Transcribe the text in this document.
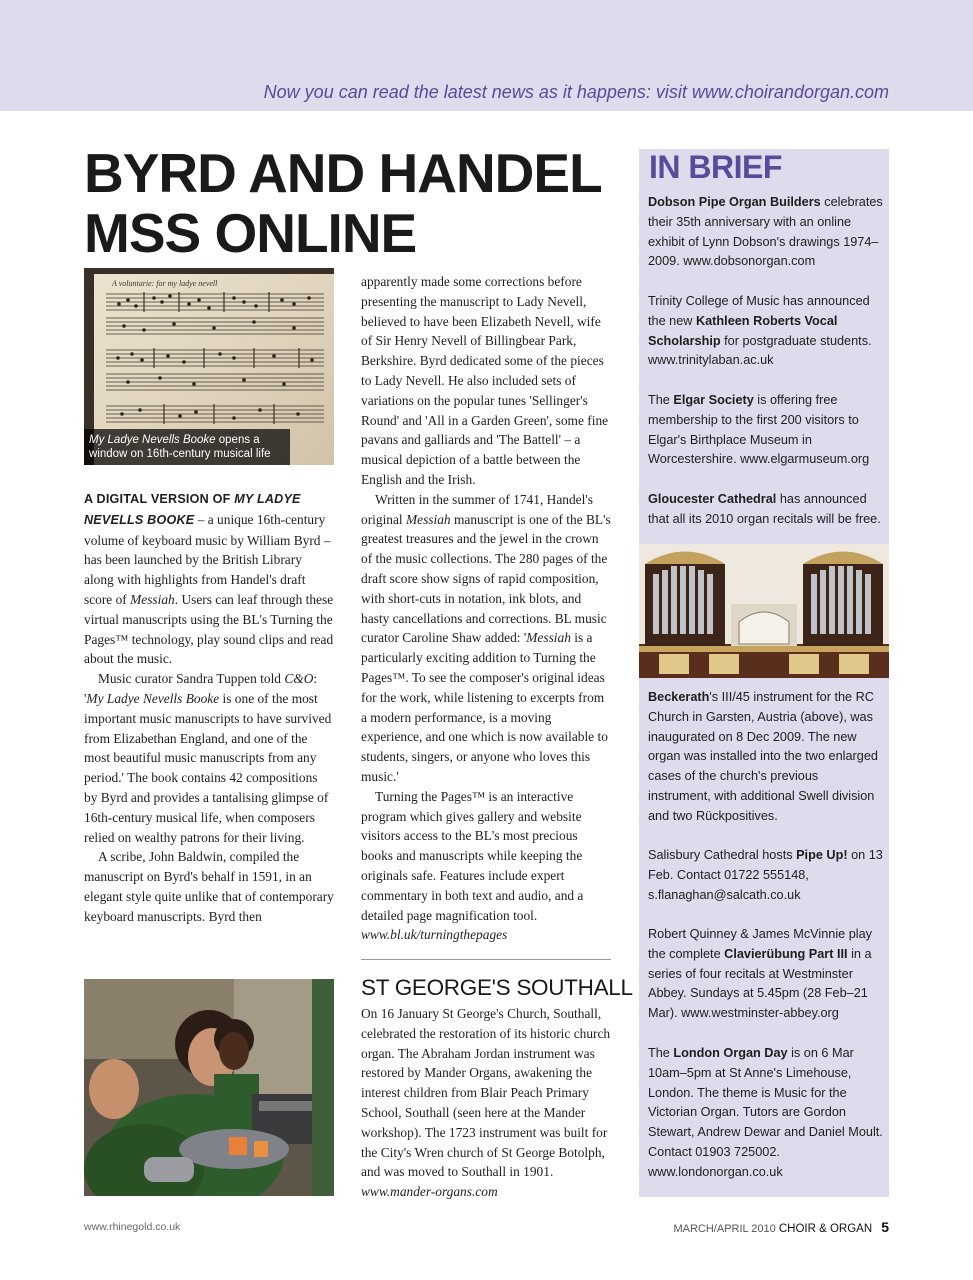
Now you can read the latest news as it happens: visit www.choirandorgan.com
BYRD AND HANDEL
MSS ONLINE
A voluntarie: for my ladye nevell
My Ladye Nevells Booke opens a window on 16th-century musical life

A DIGITAL VERSION OF MY LADYE NEVELLS BOOKE – a unique 16th-century volume of keyboard music by William Byrd – has been launched by the British Library along with highlights from Handel's draft score of Messiah. Users can leaf through these virtual manuscripts using the BL's Turning the Pages™ technology, play sound clips and read about the music.

Music curator Sandra Tuppen told C&O: 'My Ladye Nevells Booke is one of the most important music manuscripts to have survived from Elizabethan England, and one of the most beautiful music manuscripts from any period.' The book contains 42 compositions by Byrd and provides a tantalising glimpse of 16th-century musical life, when composers relied on wealthy patrons for their living.

A scribe, John Baldwin, compiled the manuscript on Byrd's behalf in 1591, in an elegant style quite unlike that of contemporary keyboard manuscripts. Byrd then

apparently made some corrections before presenting the manuscript to Lady Nevell, believed to have been Elizabeth Nevell, wife of Sir Henry Nevell of Billingbear Park, Berkshire. Byrd dedicated some of the pieces to Lady Nevell. He also included sets of variations on the popular tunes 'Sellinger's Round' and 'All in a Garden Green', some fine pavans and galliards and 'The Battell' – a musical depiction of a battle between the English and the Irish.

Written in the summer of 1741, Handel's original Messiah manuscript is one of the BL's greatest treasures and the jewel in the crown of the music collections. The 280 pages of the draft score show signs of rapid composition, with short-cuts in notation, ink blots, and hasty cancellations and corrections. BL music curator Caroline Shaw added: 'Messiah is a particularly exciting addition to Turning the Pages™. To see the composer's original ideas for the work, while listening to excerpts from a modern performance, is a moving experience, and one which is now available to students, singers, or anyone who loves this music.'

Turning the Pages™ is an interactive program which gives gallery and website visitors access to the BL's most precious books and manuscripts while keeping the originals safe. Features include expert commentary in both text and audio, and a detailed page magnification tool.

www.bl.uk/turningthepages

ST GEORGE'S SOUTHALL

On 16 January St George's Church, Southall, celebrated the restoration of its historic church organ. The Abraham Jordan instrument was restored by Mander Organs, awakening the interest children from Blair Peach Primary School, Southall (seen here at the Mander workshop). The 1723 instrument was built for the City's Wren church of St George Botolph, and was moved to Southall in 1901. www.mander-organs.com

IN BRIEF
Dobson Pipe Organ Builders celebrates their 35th anniversary with an online exhibit of Lynn Dobson's drawings 1974–2009. www.dobsonorgan.com
Trinity College of Music has announced the new Kathleen Roberts Vocal Scholarship for postgraduate students. www.trinitylaban.ac.uk
The Elgar Society is offering free membership to the first 200 visitors to Elgar's Birthplace Museum in Worcestershire. www.elgarmuseum.org
Gloucester Cathedral has announced that all its 2010 organ recitals will be free.
Beckerath's III/45 instrument for the RC Church in Garsten, Austria (above), was inaugurated on 8 Dec 2009. The new organ was installed into the two enlarged cases of the church's previous instrument, with additional Swell division and two Rückpositives.
Salisbury Cathedral hosts Pipe Up! on 13 Feb. Contact 01722 555148, s.flanaghan@salcath.co.uk
Robert Quinney & James McVinnie play the complete Clavierübung Part III in a series of four recitals at Westminster Abbey. Sundays at 5.45pm (28 Feb–21 Mar). www.westminster-abbey.org
The London Organ Day is on 6 Mar 10am–5pm at St Anne's Limehouse, London. The theme is Music for the Victorian Organ. Tutors are Gordon Stewart, Andrew Dewar and Daniel Moult. Contact 01903 725002. www.londonorgan.co.uk
www.rhinegold.co.uk	MARCH/APRIL 2010 CHOIR & ORGAN 5
